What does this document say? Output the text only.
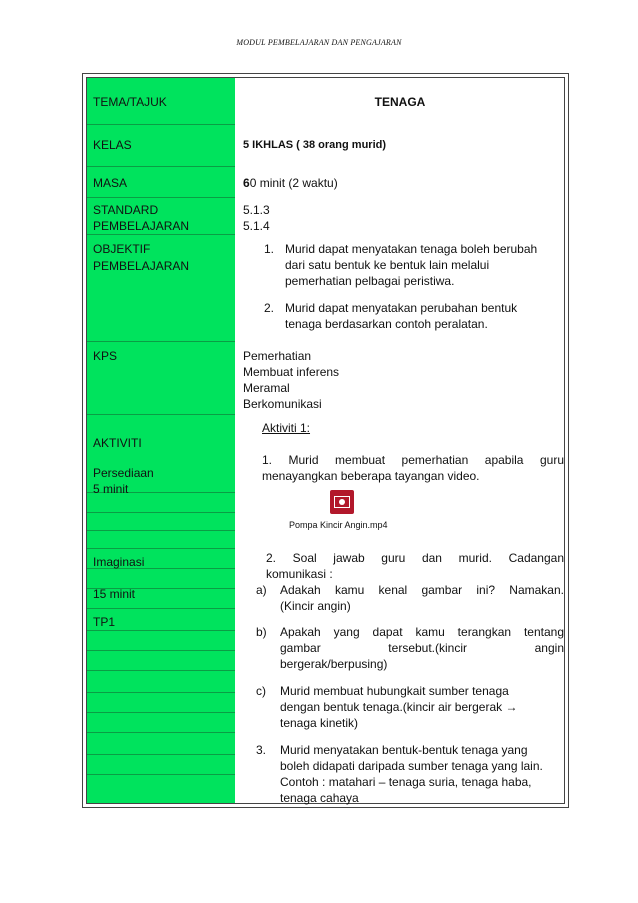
MODUL PEMBELAJARAN DAN PENGAJARAN
TEMA/TAJUK
KELAS
MASA
STANDARD
PEMBELAJARAN
OBJEKTIF
PEMBELAJARAN
KPS
AKTIVITI
Persediaan
5 minit
Imaginasi
15 minit
TP1
TENAGA
5 IKHLAS ( 38 orang murid)
60 minit (2 waktu)
5.1.3
5.1.4
1. Murid dapat menyatakan tenaga boleh berubah
dari satu bentuk ke bentuk lain melalui
pemerhatian pelbagai peristiwa.
2. Murid dapat menyatakan perubahan bentuk
tenaga berdasarkan contoh peralatan.
Pemerhatian
Membuat inferens
Meramal
Berkomunikasi
Aktiviti 1:
1. Murid membuat pemerhatian apabila guru
menayangkan beberapa tayangan video.
Pompa Kincir Angin.mp4
2. Soal jawab guru dan murid. Cadangan
komunikasi :
a) Adakah kamu kenal gambar ini? Namakan.
(Kincir angin)
b) Apakah yang dapat kamu terangkan tentang
gambar tersebut.(kincir angin
bergerak/berpusing)
c) Murid membuat hubungkait sumber tenaga
dengan bentuk tenaga.(kincir air bergerak →
tenaga kinetik)
3. Murid menyatakan bentuk-bentuk tenaga yang
boleh didapati daripada sumber tenaga yang lain.
Contoh : matahari – tenaga suria, tenaga haba,
tenaga cahaya
